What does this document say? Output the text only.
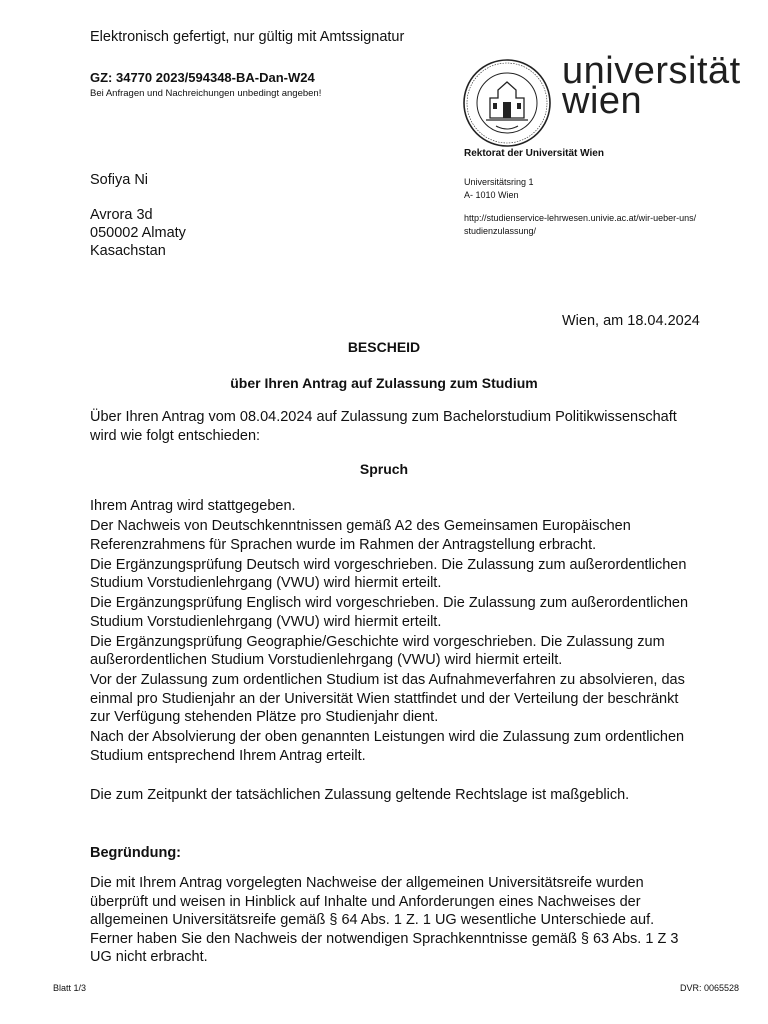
Elektronisch gefertigt, nur gültig mit Amtssignatur
GZ: 34770 2023/594348-BA-Dan-W24
Bei Anfragen und Nachreichungen unbedingt angeben!
universität
wien
Rektorat der Universität Wien
Universitätsring 1
A- 1010 Wien
http://studienservice-lehrwesen.univie.ac.at/wir-ueber-uns/
studienzulassung/
Sofiya Ni
Avrora 3d
050002 Almaty
Kasachstan
Wien, am 18.04.2024
BESCHEID
über Ihren Antrag auf Zulassung zum Studium
Über Ihren Antrag vom 08.04.2024 auf Zulassung zum Bachelorstudium Politikwissenschaft wird wie folgt entschieden:
Spruch

Ihrem Antrag wird stattgegeben.

Der Nachweis von Deutschkenntnissen gemäß A2 des Gemeinsamen Europäischen Referenzrahmens für Sprachen wurde im Rahmen der Antragstellung erbracht.

Die Ergänzungsprüfung Deutsch wird vorgeschrieben. Die Zulassung zum außerordentlichen Studium Vorstudienlehrgang (VWU) wird hiermit erteilt.

Die Ergänzungsprüfung Englisch wird vorgeschrieben. Die Zulassung zum außerordentlichen Studium Vorstudienlehrgang (VWU) wird hiermit erteilt.

Die Ergänzungsprüfung Geographie/Geschichte wird vorgeschrieben. Die Zulassung zum außerordentlichen Studium Vorstudienlehrgang (VWU) wird hiermit erteilt.

Vor der Zulassung zum ordentlichen Studium ist das Aufnahmeverfahren zu absolvieren, das einmal pro Studienjahr an der Universität Wien stattfindet und der Verteilung der beschränkt zur Verfügung stehenden Plätze pro Studienjahr dient.

Nach der Absolvierung der oben genannten Leistungen wird die Zulassung zum ordentlichen Studium entsprechend Ihrem Antrag erteilt.

Die zum Zeitpunkt der tatsächlichen Zulassung geltende Rechtslage ist maßgeblich.
Begründung:
Die mit Ihrem Antrag vorgelegten Nachweise der allgemeinen Universitätsreife wurden überprüft und weisen in Hinblick auf Inhalte und Anforderungen eines Nachweises der allgemeinen Universitätsreife gemäß § 64 Abs. 1 Z. 1 UG wesentliche Unterschiede auf. Ferner haben Sie den Nachweis der notwendigen Sprachkenntnisse gemäß § 63 Abs. 1 Z 3 UG nicht erbracht.
Blatt 1/3	DVR: 0065528
